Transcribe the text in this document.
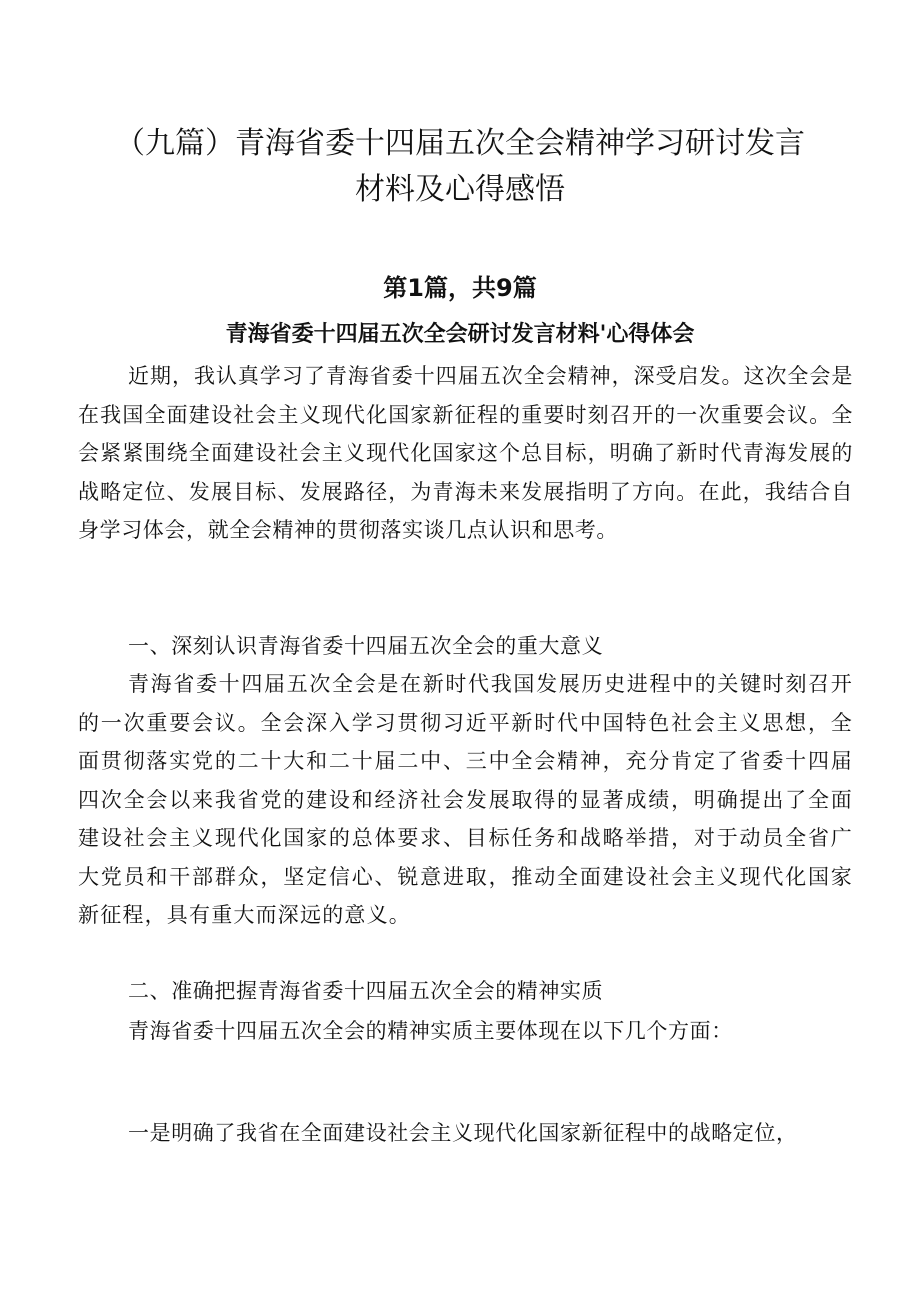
（九篇）青海省委十四届五次全会精神学习研讨发言
材料及心得感悟
第1篇，共9篇
青海省委十四届五次全会研讨发言材料'心得体会

近期，我认真学习了青海省委十四届五次全会精神，深受启发。这次全会是在我国全面建设社会主义现代化国家新征程的重要时刻召开的一次重要会议。全会紧紧围绕全面建设社会主义现代化国家这个总目标，明确了新时代青海发展的战略定位、发展目标、发展路径，为青海未来发展指明了方向。在此，我结合自身学习体会，就全会精神的贯彻落实谈几点认识和思考。

一、深刻认识青海省委十四届五次全会的重大意义

青海省委十四届五次全会是在新时代我国发展历史进程中的关键时刻召开的一次重要会议。全会深入学习贯彻习近平新时代中国特色社会主义思想，全面贯彻落实党的二十大和二十届二中、三中全会精神，充分肯定了省委十四届四次全会以来我省党的建设和经济社会发展取得的显著成绩，明确提出了全面建设社会主义现代化国家的总体要求、目标任务和战略举措，对于动员全省广大党员和干部群众，坚定信心、锐意进取，推动全面建设社会主义现代化国家新征程，具有重大而深远的意义。

二、准确把握青海省委十四届五次全会的精神实质

青海省委十四届五次全会的精神实质主要体现在以下几个方面：

一是明确了我省在全面建设社会主义现代化国家新征程中的战略定位，
